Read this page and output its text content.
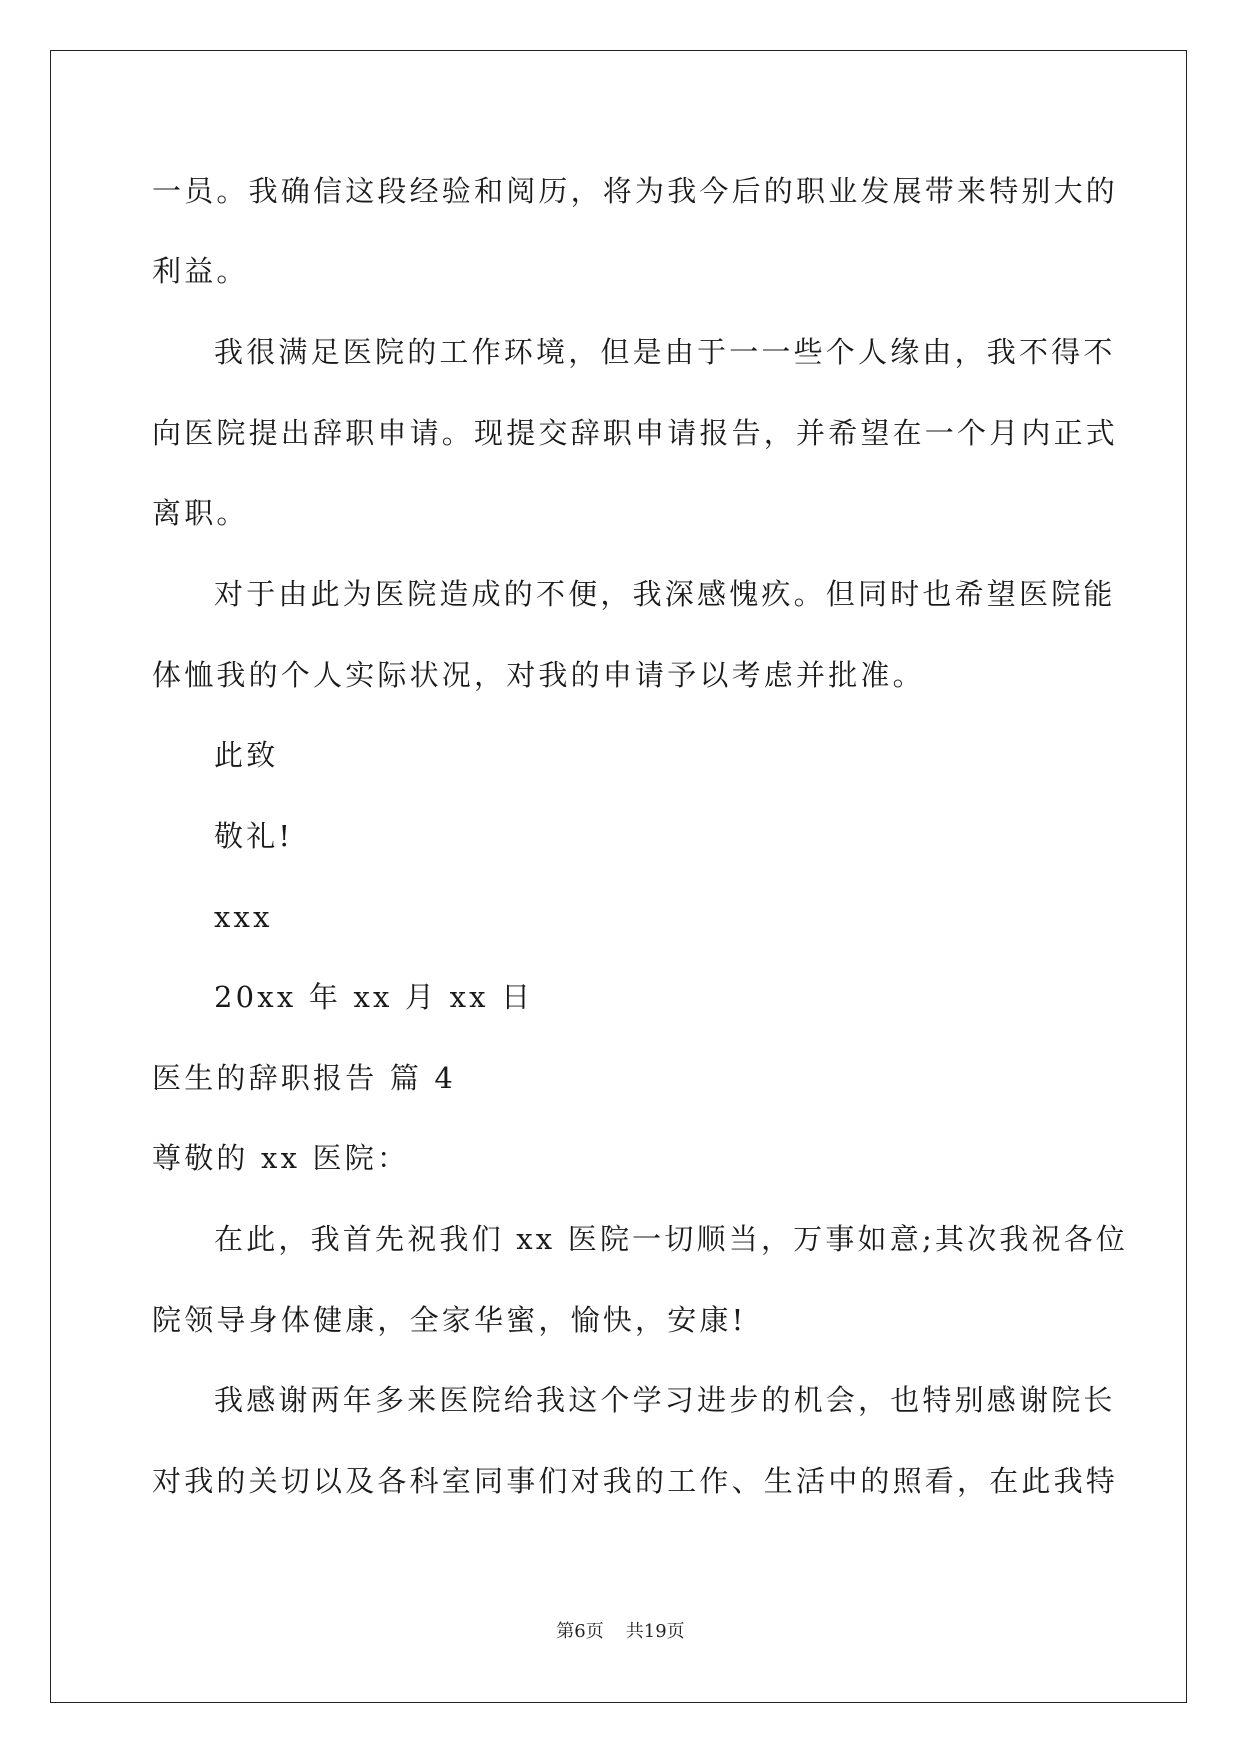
一员。我确信这段经验和阅历，将为我今后的职业发展带来特别大的
利益。
我很满足医院的工作环境，但是由于一一些个人缘由，我不得不
向医院提出辞职申请。现提交辞职申请报告，并希望在一个月内正式
离职。
对于由此为医院造成的不便，我深感愧疚。但同时也希望医院能
体恤我的个人实际状况，对我的申请予以考虑并批准。
此致
敬礼!
xxx
20xx 年 xx 月 xx 日
医生的辞职报告 篇 4
尊敬的 xx 医院：
在此，我首先祝我们 xx 医院一切顺当，万事如意;其次我祝各位
院领导身体健康，全家华蜜，愉快，安康!
我感谢两年多来医院给我这个学习进步的机会，也特别感谢院长
对我的关切以及各科室同事们对我的工作、生活中的照看，在此我特
第6页 共19页
